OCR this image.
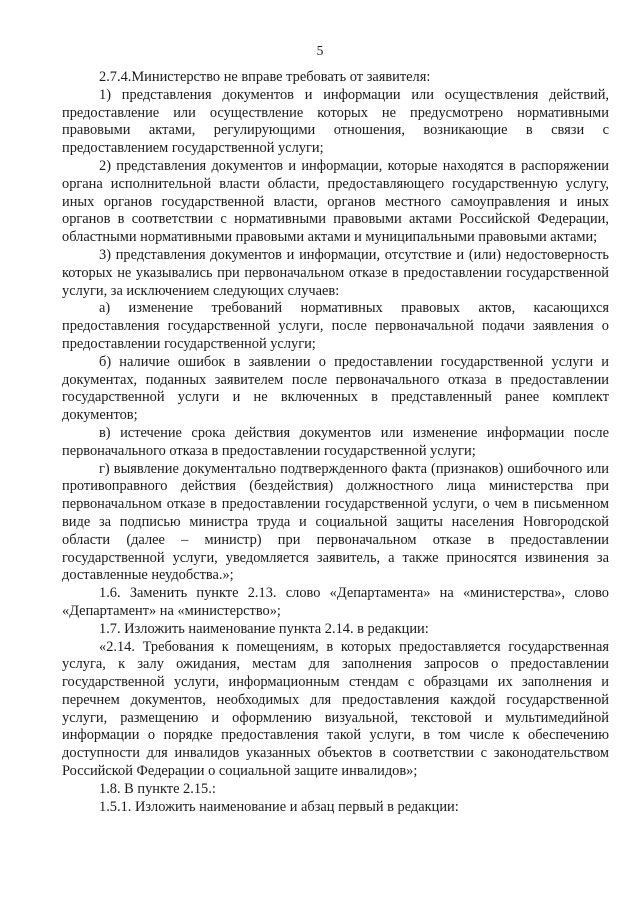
5

2.7.4.Министерство не вправе требовать от заявителя:

1) представления документов и информации или осуществления действий, предоставление или осуществление которых не предусмотрено нормативными правовыми актами, регулирующими отношения, возникающие в связи с предоставлением государственной услуги;

2) представления документов и информации, которые находятся в распоряжении органа исполнительной власти области, предоставляющего государственную услугу, иных органов государственной власти, органов местного самоуправления и иных органов в соответствии с нормативными правовыми актами Российской Федерации, областными нормативными правовыми актами и муниципальными правовыми актами;

3) представления документов и информации, отсутствие и (или) недостоверность которых не указывались при первоначальном отказе в предоставлении государственной услуги, за исключением следующих случаев:

а) изменение требований нормативных правовых актов, касающихся предоставления государственной услуги, после первоначальной подачи заявления о предоставлении государственной услуги;

б) наличие ошибок в заявлении о предоставлении государственной услуги и документах, поданных заявителем после первоначального отказа в предоставлении государственной услуги и не включенных в представленный ранее комплект документов;

в) истечение срока действия документов или изменение информации после первоначального отказа в предоставлении государственной услуги;

г) выявление документально подтвержденного факта (признаков) ошибочного или противоправного действия (бездействия) должностного лица министерства при первоначальном отказе в предоставлении государственной услуги, о чем в письменном виде за подписью министра труда и социальной защиты населения Новгородской области (далее – министр) при первоначальном отказе в предоставлении государственной услуги, уведомляется заявитель, а также приносятся извинения за доставленные неудобства.»;

1.6. Заменить пункте 2.13. слово «Департамента» на «министерства», слово «Департамент» на «министерство»;

1.7. Изложить наименование пункта 2.14. в редакции:

«2.14. Требования к помещениям, в которых предоставляется государственная услуга, к залу ожидания, местам для заполнения запросов о предоставлении государственной услуги, информационным стендам с образцами их заполнения и перечнем документов, необходимых для предоставления каждой государственной услуги, размещению и оформлению визуальной, текстовой и мультимедийной информации о порядке предоставления такой услуги, в том числе к обеспечению доступности для инвалидов указанных объектов в соответствии с законодательством Российской Федерации о социальной защите инвалидов»;

1.8. В пункте 2.15.:

1.5.1. Изложить наименование и абзац первый в редакции:
